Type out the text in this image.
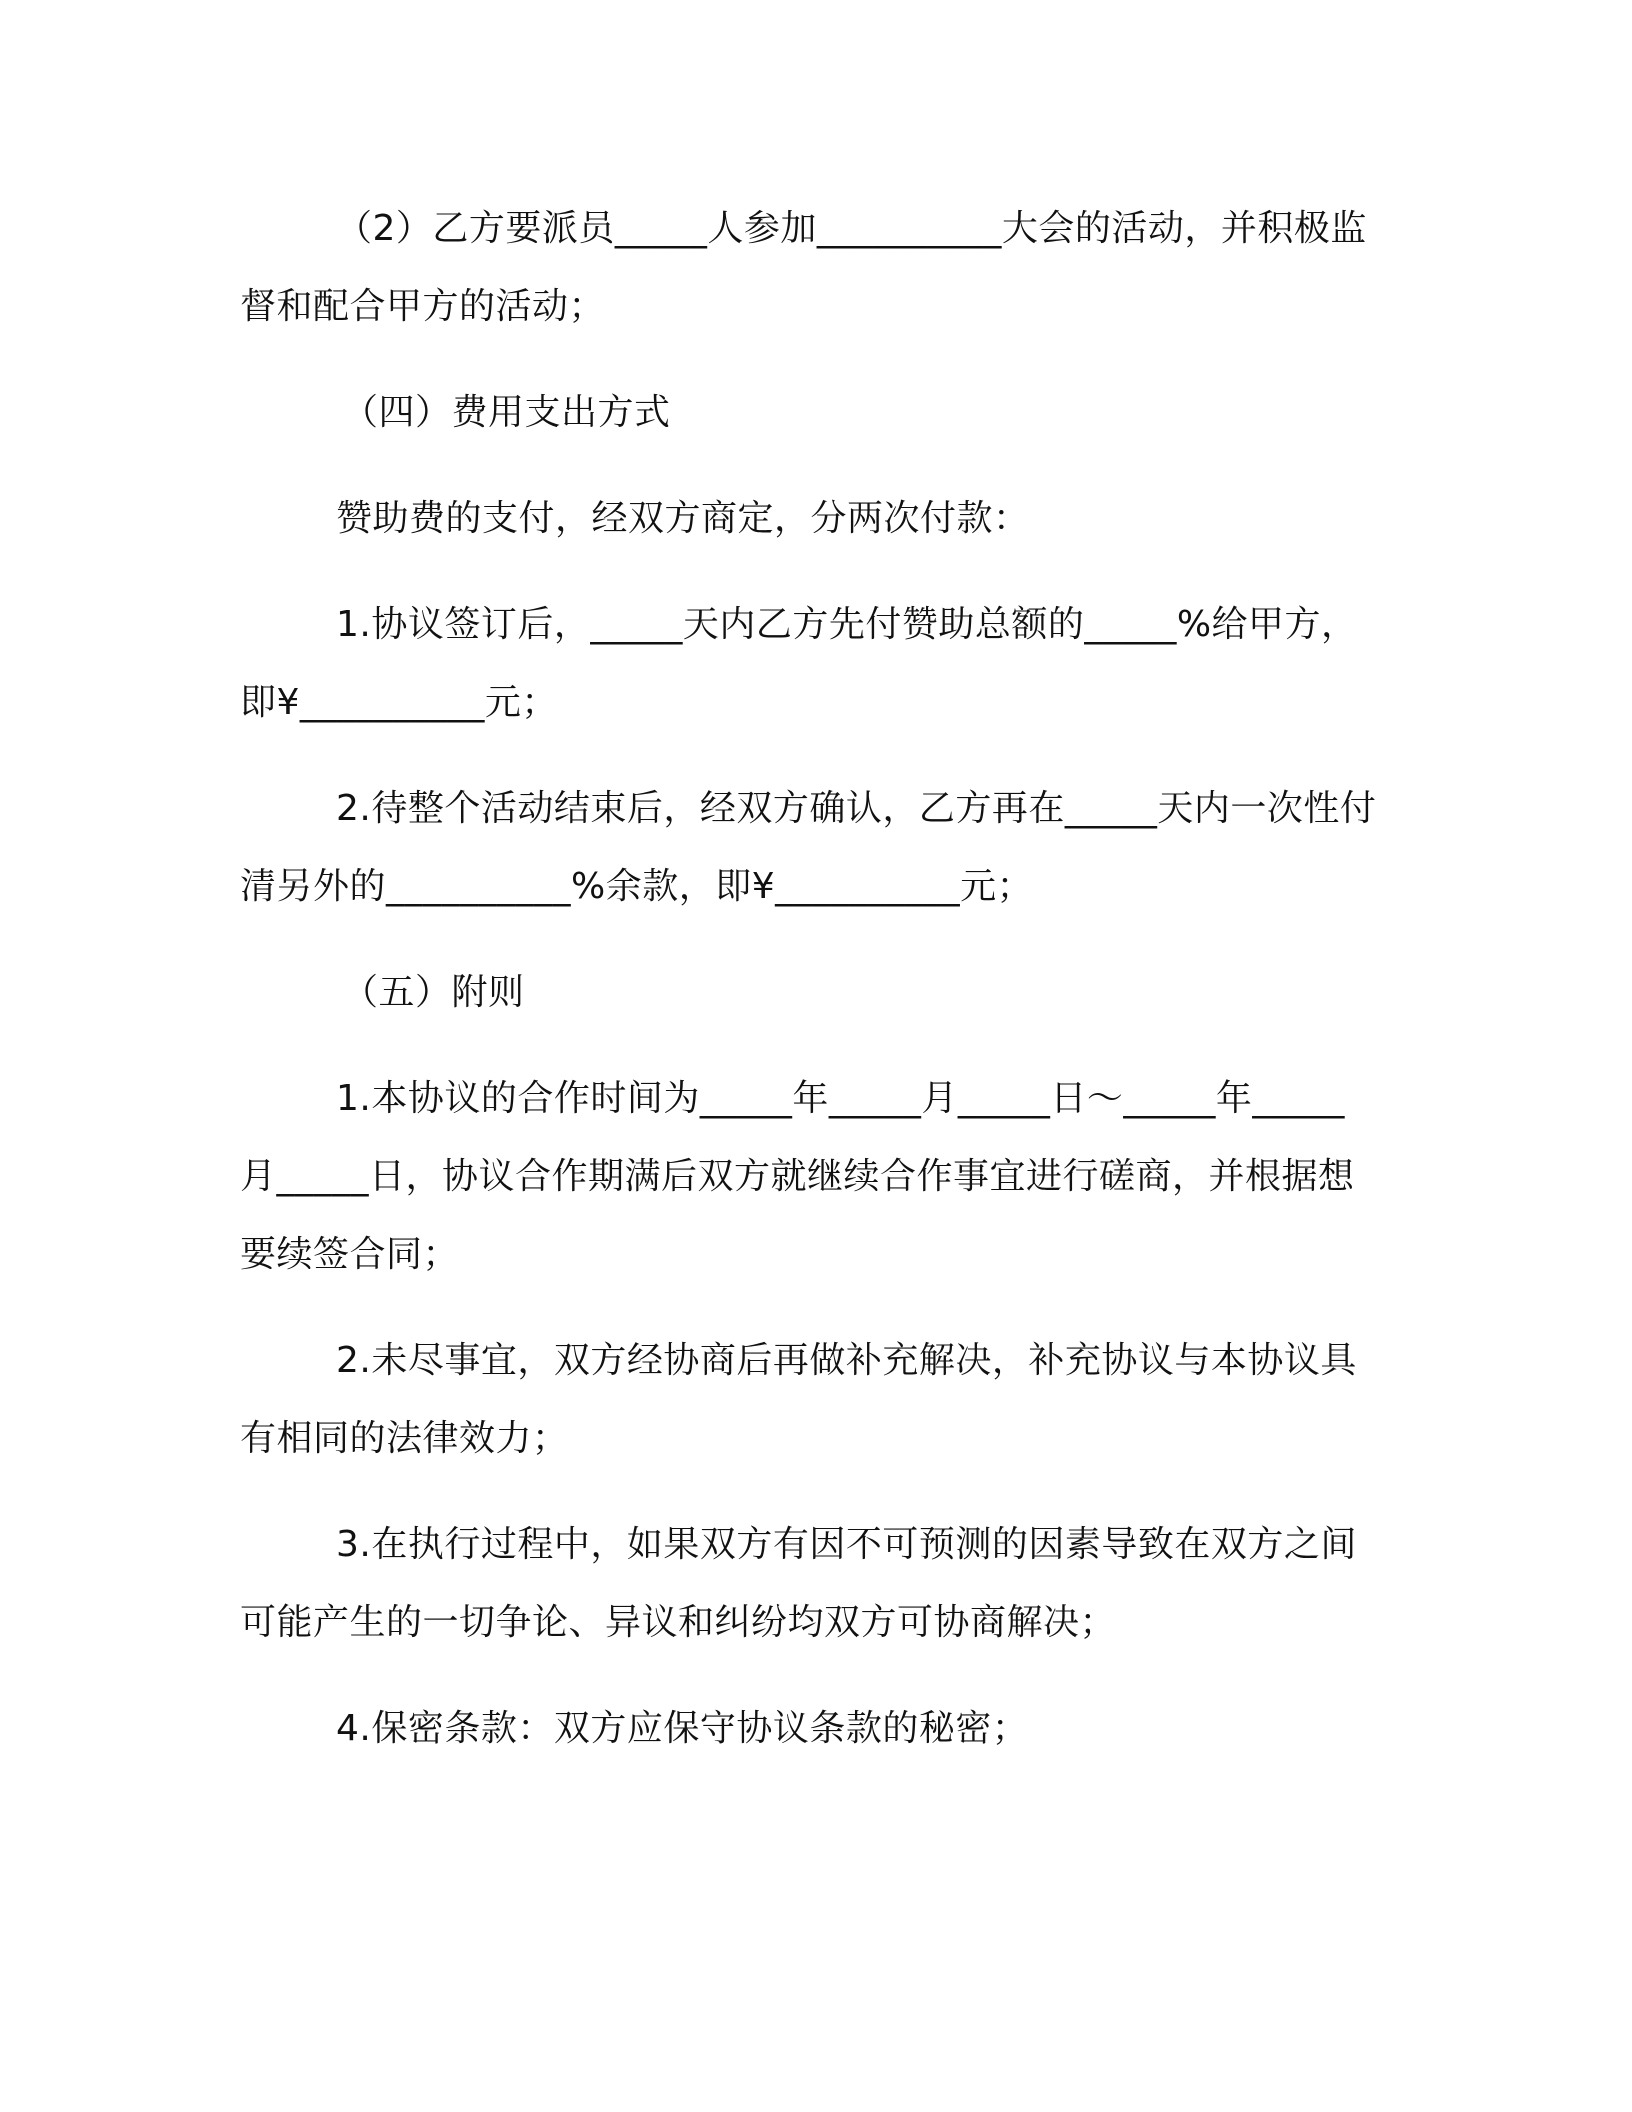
（2）乙方要派员_____人参加__________大会的活动，并积极监督和配合甲方的活动；

（四）费用支出方式

赞助费的支付，经双方商定，分两次付款：

1.协议签订后，_____天内乙方先付赞助总额的_____%给甲方，即¥__________元；

2.待整个活动结束后，经双方确认，乙方再在_____天内一次性付清另外的__________%余款，即¥__________元；

（五）附则

1.本协议的合作时间为_____年_____月_____日～_____年_____月_____日，协议合作期满后双方就继续合作事宜进行磋商，并根据想要续签合同；

2.未尽事宜，双方经协商后再做补充解决，补充协议与本协议具有相同的法律效力；

3.在执行过程中，如果双方有因不可预测的因素导致在双方之间可能产生的一切争论、异议和纠纷均双方可协商解决；

4.保密条款：双方应保守协议条款的秘密；
